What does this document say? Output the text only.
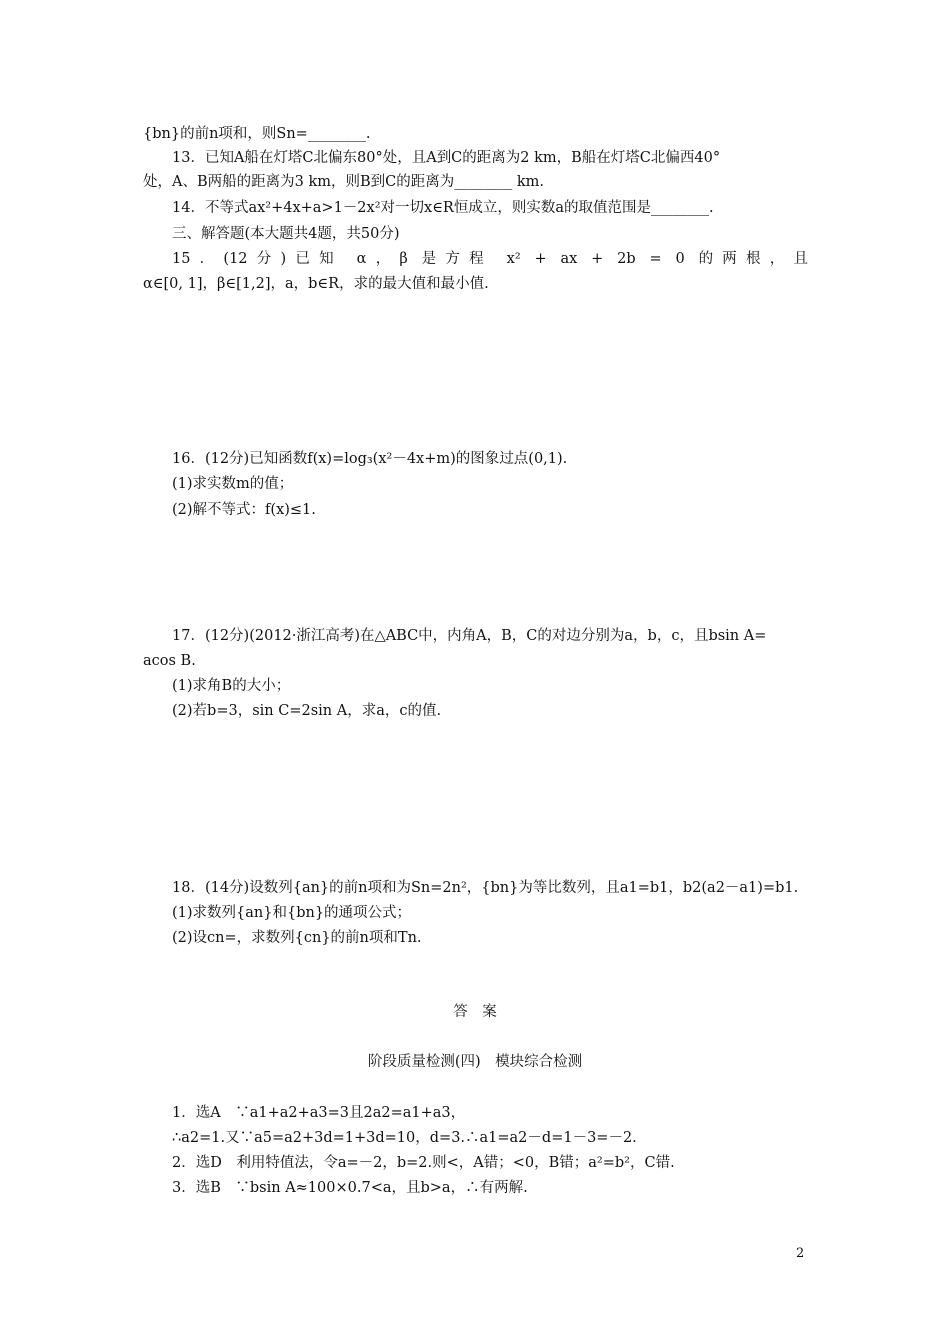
{bn}的前n项和，则Sn=________.
13．已知A船在灯塔C北偏东80°处，且A到C的距离为2 km，B船在灯塔C北偏西40°
处，A、B两船的距离为3 km，则B到C的距离为________ km.
14．不等式ax²+4x+a>1－2x²对一切x∈R恒成立，则实数a的取值范围是________.
三、解答题(本大题共4题，共50分)
15．(12分)已知 α，β 是方程 x² + ax + 2b = 0 的两根，且
α∈[0, 1]，β∈[1,2]，a，b∈R，求的最大值和最小值.
16．(12分)已知函数f(x)=log₃(x²－4x+m)的图象过点(0,1).
(1)求实数m的值；
(2)解不等式：f(x)≤1.
17．(12分)(2012·浙江高考)在△ABC中，内角A，B，C的对边分别为a，b，c，且bsin A=
acos B.
(1)求角B的大小；
(2)若b=3，sin C=2sin A，求a，c的值.
18．(14分)设数列{an}的前n项和为Sn=2n²，{bn}为等比数列，且a1=b1，b2(a2－a1)=b1.
(1)求数列{an}和{bn}的通项公式；
(2)设cn=，求数列{cn}的前n项和Tn.
答　案
阶段质量检测(四)　模块综合检测
1．选A　∵a1+a2+a3=3且2a2=a1+a3，
∴a2=1.又∵a5=a2+3d=1+3d=10，d=3.∴a1=a2－d=1－3=－2.
2．选D　利用特值法，令a=－2，b=2.则<，A错；<0，B错；a²=b²，C错.
3．选B　∵bsin A≈100×0.7<a，且b>a，∴有两解.
2
